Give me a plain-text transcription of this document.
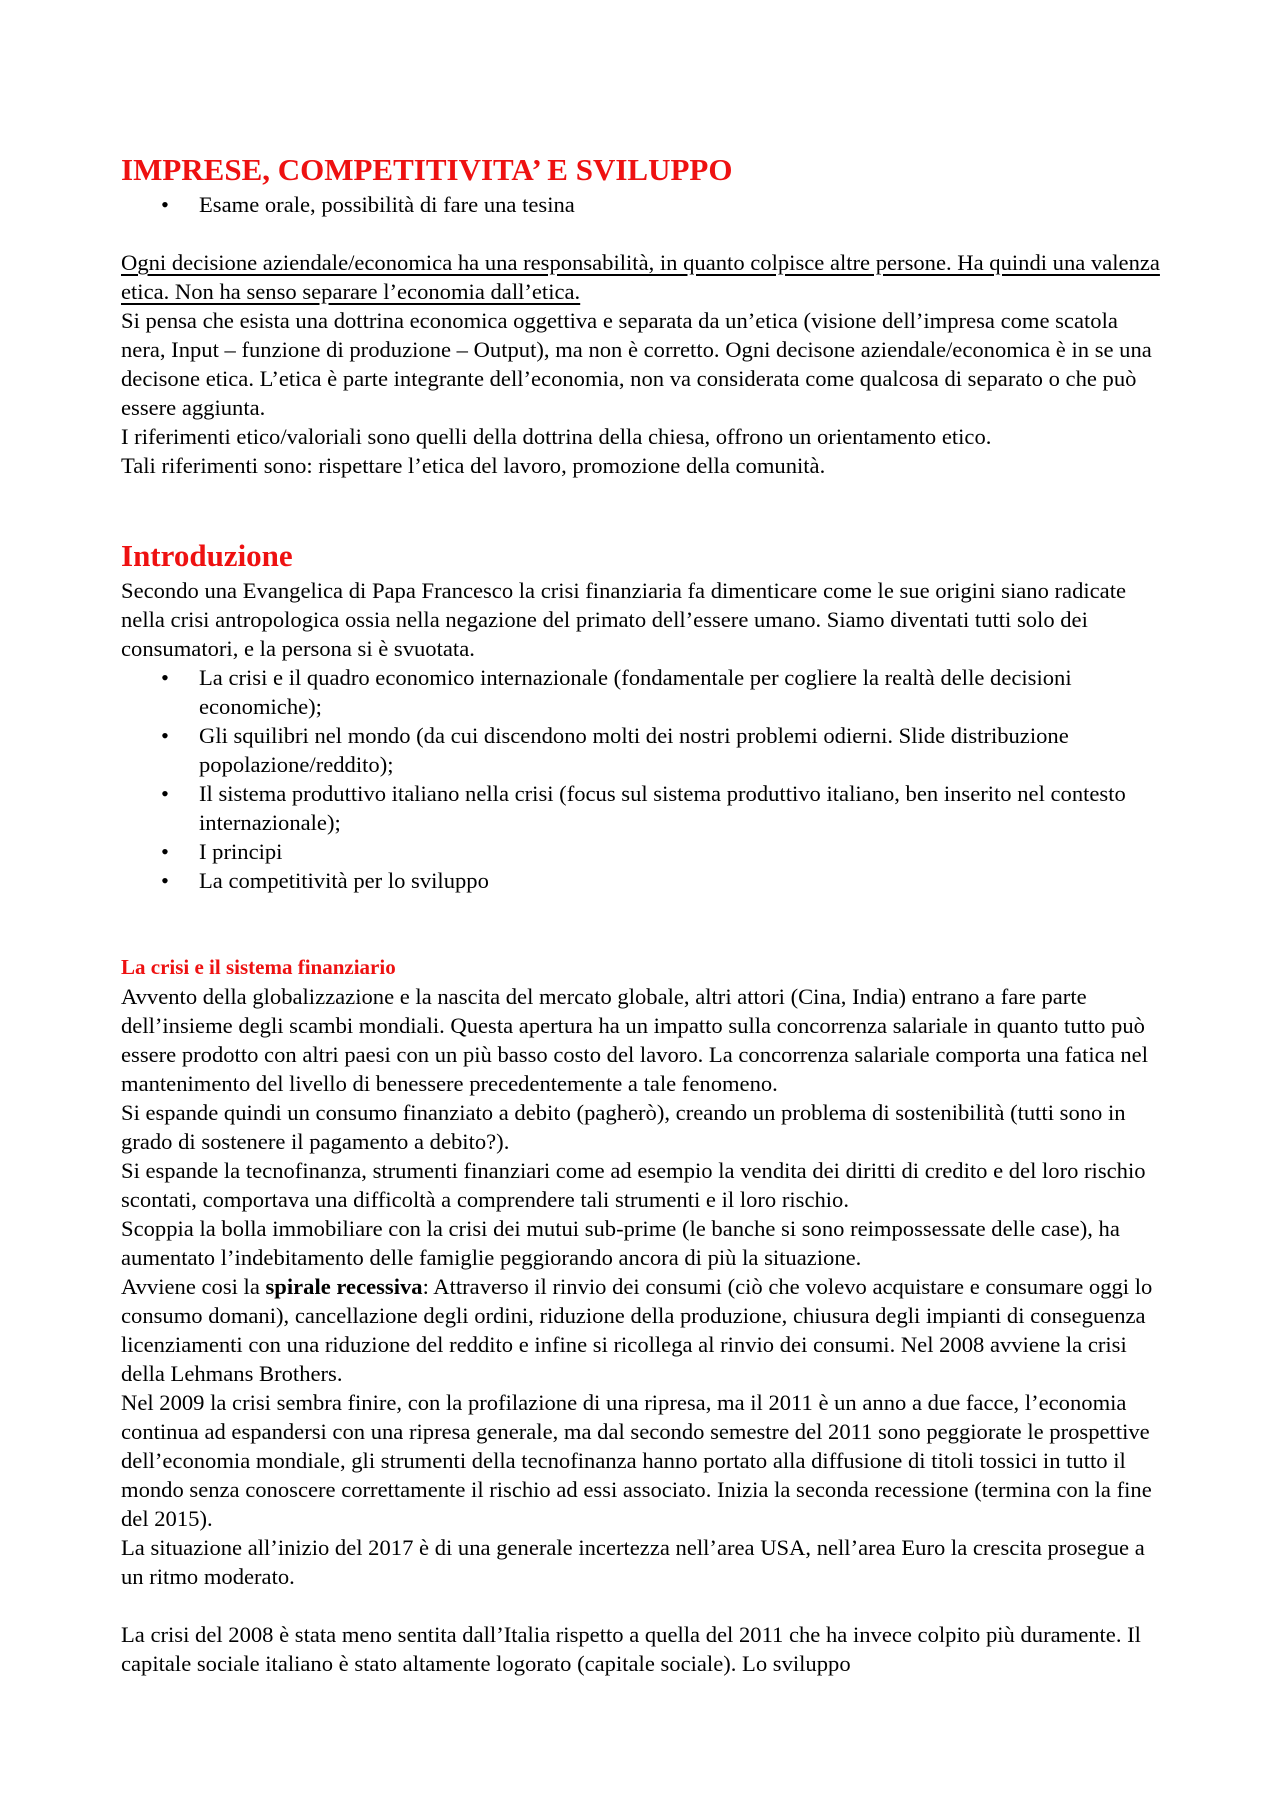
IMPRESE, COMPETITIVITA’ E SVILUPPO
• Esame orale, possibilità di fare una tesina

Ogni decisione aziendale/economica ha una responsabilità, in quanto colpisce altre persone. Ha quindi una valenza etica. Non ha senso separare l’economia dall’etica.

Si pensa che esista una dottrina economica oggettiva e separata da un’etica (visione dell’impresa come scatola nera, Input – funzione di produzione – Output), ma non è corretto. Ogni decisone aziendale/economica è in se una decisone etica. L’etica è parte integrante dell’economia, non va considerata come qualcosa di separato o che può essere aggiunta.

I riferimenti etico/valoriali sono quelli della dottrina della chiesa, offrono un orientamento etico.

Tali riferimenti sono: rispettare l’etica del lavoro, promozione della comunità.

Introduzione

Secondo una Evangelica di Papa Francesco la crisi finanziaria fa dimenticare come le sue origini siano radicate nella crisi antropologica ossia nella negazione del primato dell’essere umano. Siamo diventati tutti solo dei consumatori, e la persona si è svuotata.

• La crisi e il quadro economico internazionale (fondamentale per cogliere la realtà delle decisioni economiche);
• Gli squilibri nel mondo (da cui discendono molti dei nostri problemi odierni. Slide distribuzione popolazione/reddito);
• Il sistema produttivo italiano nella crisi (focus sul sistema produttivo italiano, ben inserito nel contesto internazionale);
• I principi
• La competitività per lo sviluppo
La crisi e il sistema finanziario

Avvento della globalizzazione e la nascita del mercato globale, altri attori (Cina, India) entrano a fare parte dell’insieme degli scambi mondiali. Questa apertura ha un impatto sulla concorrenza salariale in quanto tutto può essere prodotto con altri paesi con un più basso costo del lavoro. La concorrenza salariale comporta una fatica nel mantenimento del livello di benessere precedentemente a tale fenomeno.

Si espande quindi un consumo finanziato a debito (pagherò), creando un problema di sostenibilità (tutti sono in grado di sostenere il pagamento a debito?).

Si espande la tecnofinanza, strumenti finanziari come ad esempio la vendita dei diritti di credito e del loro rischio scontati, comportava una difficoltà a comprendere tali strumenti e il loro rischio.

Scoppia la bolla immobiliare con la crisi dei mutui sub-prime (le banche si sono reimpossessate delle case), ha aumentato l’indebitamento delle famiglie peggiorando ancora di più la situazione.

Avviene cosi la spirale recessiva: Attraverso il rinvio dei consumi (ciò che volevo acquistare e consumare oggi lo consumo domani), cancellazione degli ordini, riduzione della produzione, chiusura degli impianti di conseguenza licenziamenti con una riduzione del reddito e infine si ricollega al rinvio dei consumi. Nel 2008 avviene la crisi della Lehmans Brothers.

Nel 2009 la crisi sembra finire, con la profilazione di una ripresa, ma il 2011 è un anno a due facce, l’economia continua ad espandersi con una ripresa generale, ma dal secondo semestre del 2011 sono peggiorate le prospettive dell’economia mondiale, gli strumenti della tecnofinanza hanno portato alla diffusione di titoli tossici in tutto il mondo senza conoscere correttamente il rischio ad essi associato. Inizia la seconda recessione (termina con la fine del 2015).

La situazione all’inizio del 2017 è di una generale incertezza nell’area USA, nell’area Euro la crescita prosegue a un ritmo moderato.

La crisi del 2008 è stata meno sentita dall’Italia rispetto a quella del 2011 che ha invece colpito più duramente. Il capitale sociale italiano è stato altamente logorato (capitale sociale). Lo sviluppo
